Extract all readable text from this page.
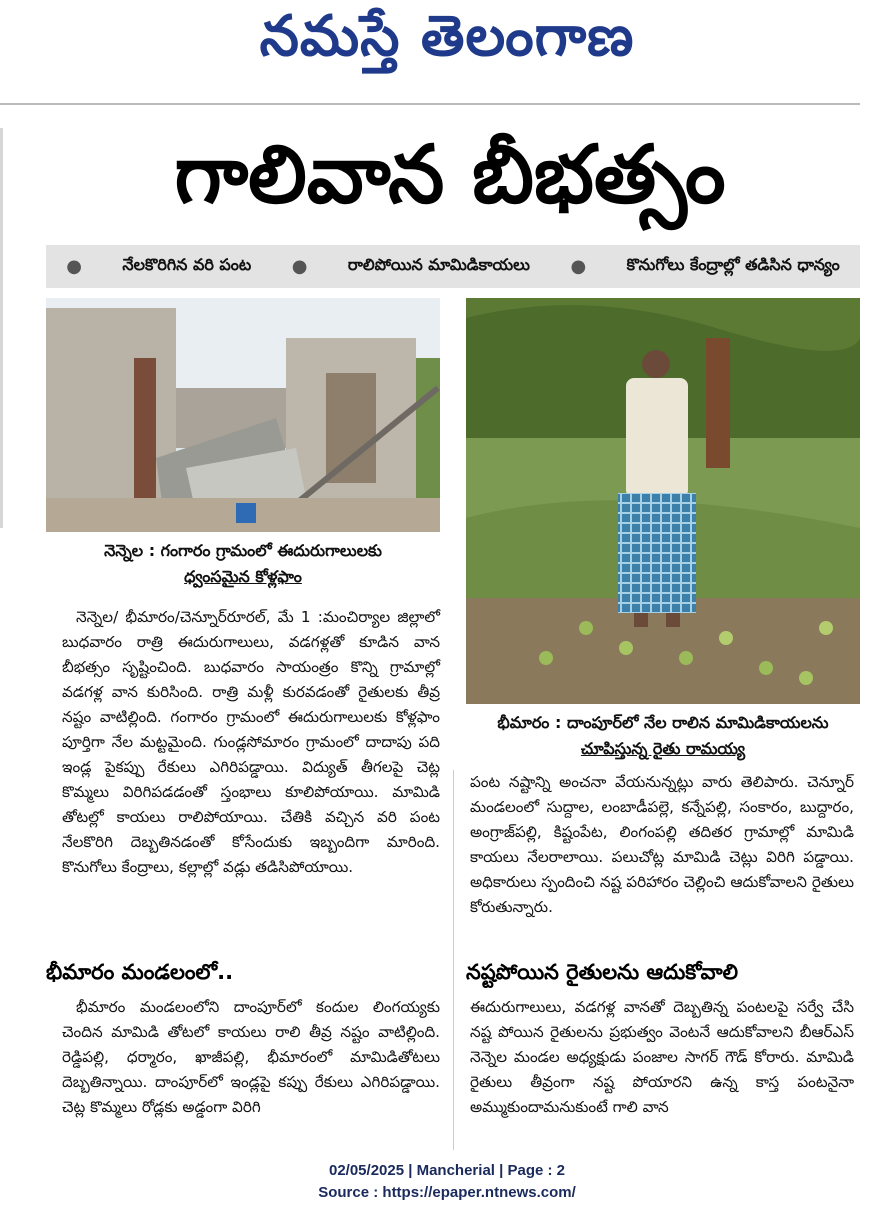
నమస్తే తెలంగాణ
గాలివాన బీభత్సం
●	నేలకొరిగిన వరి పంట ●	రాలిపోయిన మామిడికాయలు ●	కొనుగోలు కేంద్రాల్లో తడిసిన ధాన్యం
నెన్నెల : గంగారం గ్రామంలో ఈదురుగాలులకు
ధ్వంసమైన కోళ్లఫాం
భీమారం : దాంపూర్‌లో నేల రాలిన మామిడికాయలను
చూపిస్తున్న రైతు రామయ్య
నెన్నెల/ భీమారం/చెన్నూర్‌రూరల్, మే 1 :మంచిర్యాల జిల్లాలో బుధవారం రాత్రి ఈదురుగాలులు, వడగళ్లతో కూడిన వాన బీభత్సం సృష్టించింది. బుధవారం సాయంత్రం కొన్ని గ్రామాల్లో వడగళ్ల వాన కురిసింది. రాత్రి మళ్లీ కురవడంతో రైతులకు తీవ్ర నష్టం వాటిల్లింది. గంగారం గ్రామంలో ఈదురుగాలులకు కోళ్లఫాం పూర్తిగా నేల మట్టమైంది. గుండ్లసోమారం గ్రామంలో దాదాపు పది ఇండ్ల పైకప్పు రేకులు ఎగిరిపడ్డాయి. విద్యుత్ తీగలపై చెట్ల కొమ్మలు విరిగిపడడంతో స్తంభాలు కూలిపోయాయి. మామిడి తోటల్లో కాయలు రాలిపోయాయి. చేతికి వచ్చిన వరి పంట నేలకొరిగి దెబ్బతినడంతో కోసేందుకు ఇబ్బందిగా మారింది. కొనుగోలు కేంద్రాలు, కల్లాల్లో వడ్లు తడిసిపోయాయి.
భీమారం మండలంలో..
భీమారం మండలంలోని దాంపూర్‌లో కందుల లింగయ్యకు చెందిన మామిడి తోటలో కాయలు రాలి తీవ్ర నష్టం వాటిల్లింది. రెడ్డిపల్లి, ధర్మారం, ఖాజీపల్లి, భీమారంలో మామిడితోటలు దెబ్బతిన్నాయి. దాంపూర్‌లో ఇండ్లపై కప్పు రేకులు ఎగిరిపడ్డాయి. చెట్ల కొమ్మలు రోడ్లకు అడ్డంగా విరిగి
పంట నష్టాన్ని అంచనా వేయనున్నట్లు వారు తెలిపారు. చెన్నూర్ మండలంలో సుద్దాల, లంబాడీపల్లె, కన్నేపల్లి, సంకారం, బుద్దారం, అంగ్రాజ్‌పల్లి, కిష్టంపేట, లింగంపల్లి తదితర గ్రామాల్లో మామిడి కాయలు నేలరాలాయి. పలుచోట్ల మామిడి చెట్లు విరిగి పడ్డాయి. అధికారులు స్పందించి నష్ట పరిహారం చెల్లించి ఆదుకోవాలని రైతులు కోరుతున్నారు.
నష్టపోయిన రైతులను ఆదుకోవాలి
ఈదురుగాలులు, వడగళ్ల వానతో దెబ్బతిన్న పంటలపై సర్వే చేసి నష్ట పోయిన రైతులను ప్రభుత్వం వెంటనే ఆదుకోవాలని బీఆర్‌ఎస్ నెన్నెల మండల అధ్యక్షుడు పంజాల సాగర్ గౌడ్ కోరారు. మామిడి రైతులు తీవ్రంగా నష్ట పోయారని ఉన్న కాస్త పంటనైనా అమ్ముకుందామనుకుంటే గాలి వాన
02/05/2025 | Mancherial | Page : 2
Source : https://epaper.ntnews.com/
